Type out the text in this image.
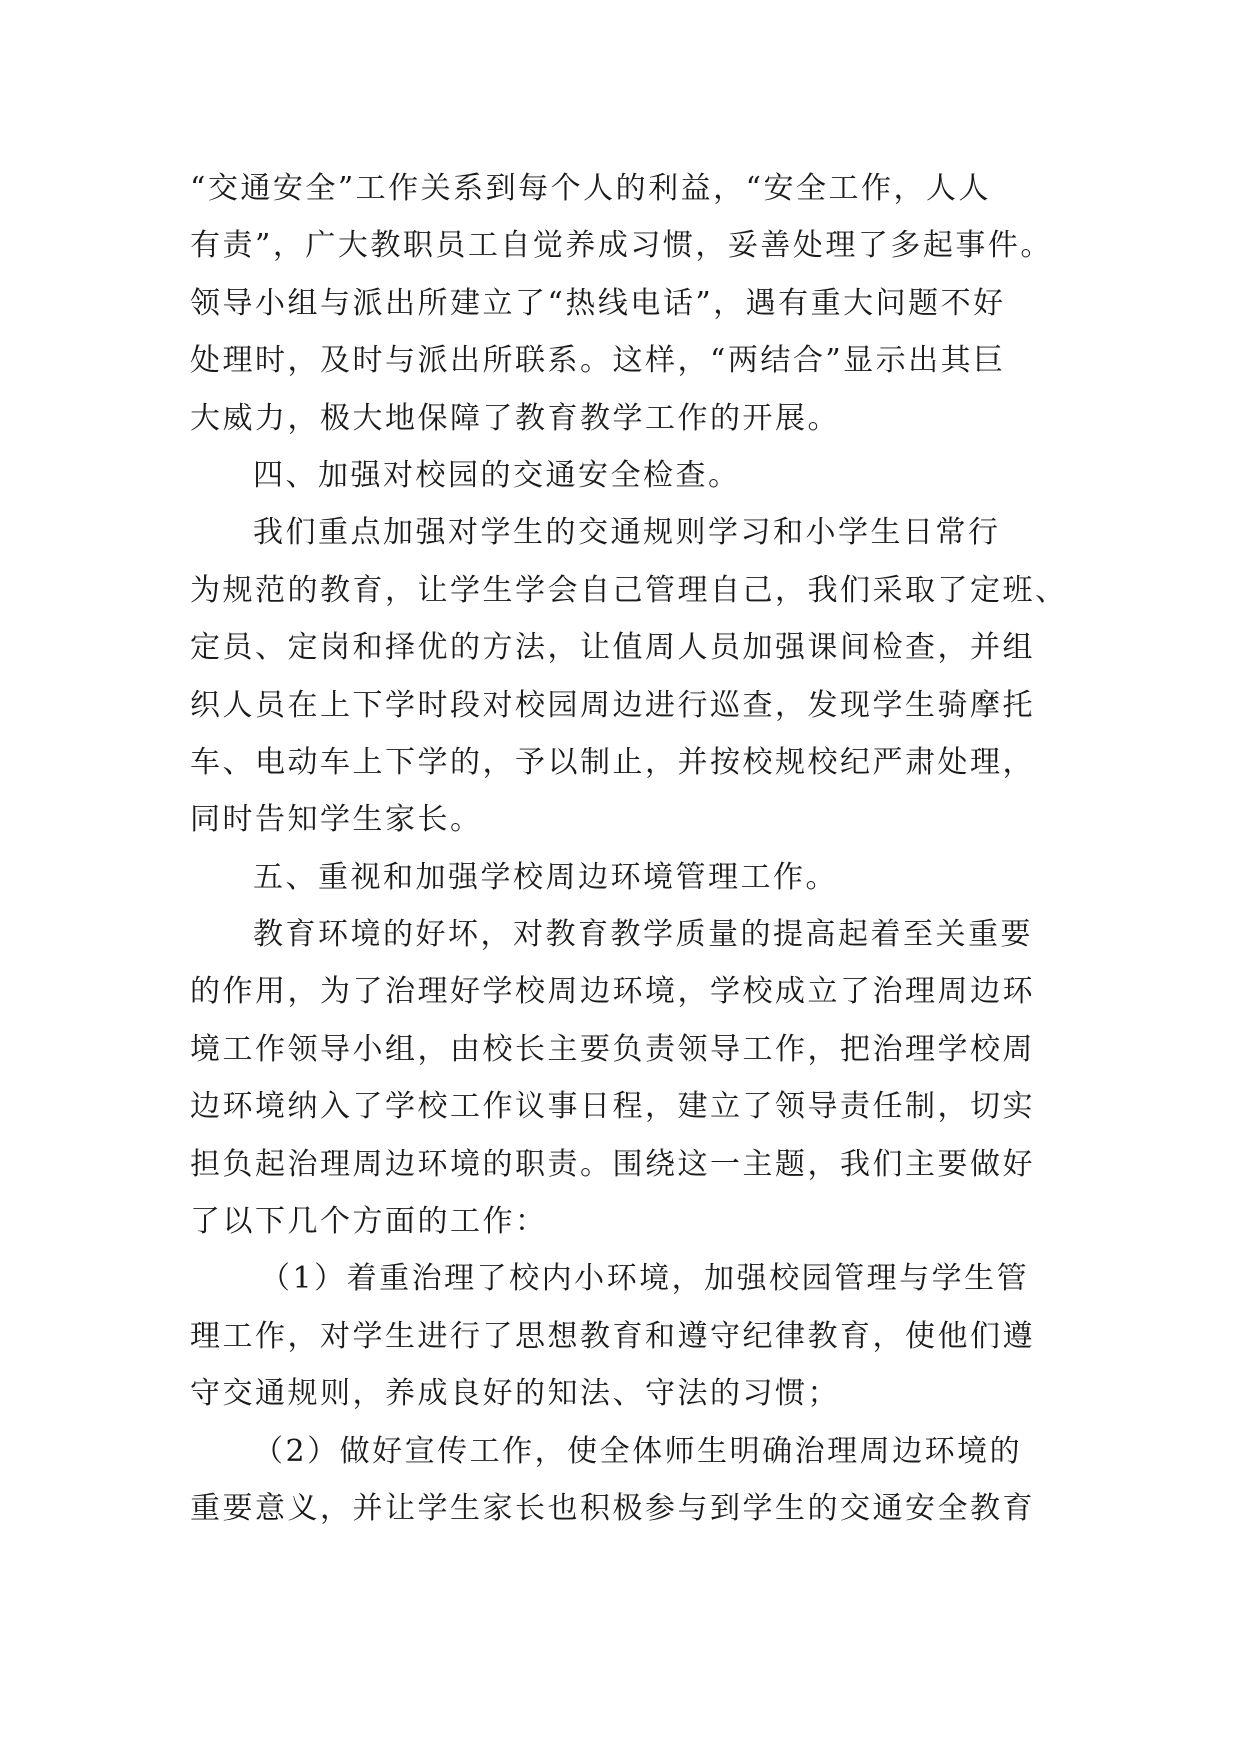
“交通安全”工作关系到每个人的利益，“安全工作，人人
有责”，广大教职员工自觉养成习惯，妥善处理了多起事件。
领导小组与派出所建立了“热线电话”，遇有重大问题不好
处理时，及时与派出所联系。这样，“两结合”显示出其巨
大威力，极大地保障了教育教学工作的开展。
四、加强对校园的交通安全检查。
我们重点加强对学生的交通规则学习和小学生日常行
为规范的教育，让学生学会自己管理自己，我们采取了定班、
定员、定岗和择优的方法，让值周人员加强课间检查，并组
织人员在上下学时段对校园周边进行巡查，发现学生骑摩托
车、电动车上下学的，予以制止，并按校规校纪严肃处理，
同时告知学生家长。
五、重视和加强学校周边环境管理工作。
教育环境的好坏，对教育教学质量的提高起着至关重要
的作用，为了治理好学校周边环境，学校成立了治理周边环
境工作领导小组，由校长主要负责领导工作，把治理学校周
边环境纳入了学校工作议事日程，建立了领导责任制，切实
担负起治理周边环境的职责。围绕这一主题，我们主要做好
了以下几个方面的工作：
（1）着重治理了校内小环境，加强校园管理与学生管
理工作，对学生进行了思想教育和遵守纪律教育，使他们遵
守交通规则，养成良好的知法、守法的习惯；
（2）做好宣传工作，使全体师生明确治理周边环境的
重要意义，并让学生家长也积极参与到学生的交通安全教育
